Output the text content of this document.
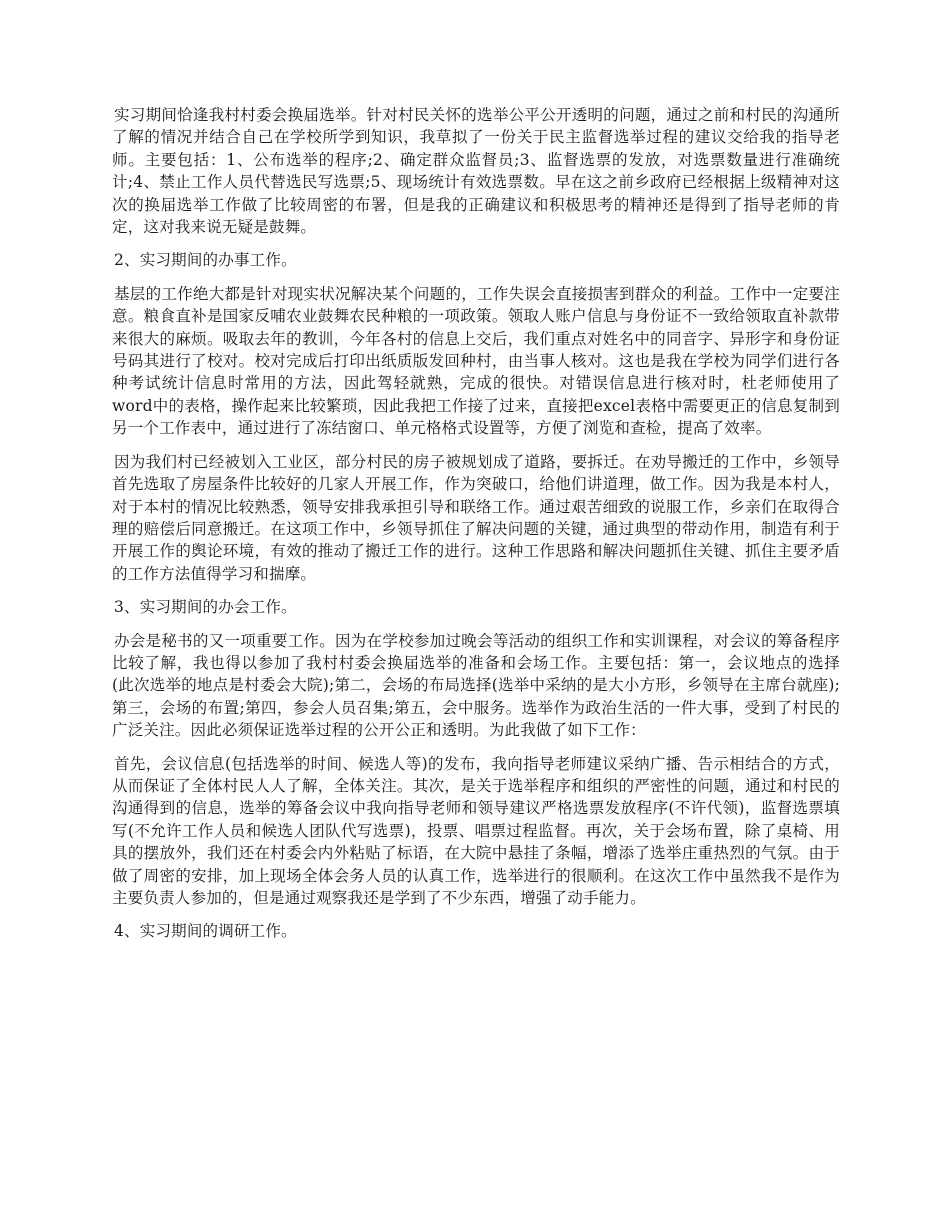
实习期间恰逢我村村委会换届选举。针对村民关怀的选举公平公开透明的问题，通过之前和村民的沟通所了解的情况并结合自己在学校所学到知识，我草拟了一份关于民主监督选举过程的建议交给我的指导老师。主要包括：1、公布选举的程序;2、确定群众监督员;3、监督选票的发放，对选票数量进行准确统计;4、禁止工作人员代替选民写选票;5、现场统计有效选票数。早在这之前乡政府已经根据上级精神对这次的换届选举工作做了比较周密的布署，但是我的正确建议和积极思考的精神还是得到了指导老师的肯定，这对我来说无疑是鼓舞。

2、实习期间的办事工作。

基层的工作绝大都是针对现实状况解决某个问题的，工作失误会直接损害到群众的利益。工作中一定要注意。粮食直补是国家反哺农业鼓舞农民种粮的一项政策。领取人账户信息与身份证不一致给领取直补款带来很大的麻烦。吸取去年的教训，今年各村的信息上交后，我们重点对姓名中的同音字、异形字和身份证号码其进行了校对。校对完成后打印出纸质版发回种村，由当事人核对。这也是我在学校为同学们进行各种考试统计信息时常用的方法，因此驾轻就熟，完成的很快。对错误信息进行核对时，杜老师使用了word中的表格，操作起来比较繁琐，因此我把工作接了过来，直接把excel表格中需要更正的信息复制到另一个工作表中，通过进行了冻结窗口、单元格格式设置等，方便了浏览和查检，提高了效率。

因为我们村已经被划入工业区，部分村民的房子被规划成了道路，要拆迁。在劝导搬迁的工作中，乡领导首先选取了房屋条件比较好的几家人开展工作，作为突破口，给他们讲道理，做工作。因为我是本村人，对于本村的情况比较熟悉，领导安排我承担引导和联络工作。通过艰苦细致的说服工作，乡亲们在取得合理的赔偿后同意搬迁。在这项工作中，乡领导抓住了解决问题的关键，通过典型的带动作用，制造有利于开展工作的舆论环境，有效的推动了搬迁工作的进行。这种工作思路和解决问题抓住关键、抓住主要矛盾的工作方法值得学习和揣摩。

3、实习期间的办会工作。

办会是秘书的又一项重要工作。因为在学校参加过晚会等活动的组织工作和实训课程，对会议的筹备程序比较了解，我也得以参加了我村村委会换届选举的准备和会场工作。主要包括：第一，会议地点的选择(此次选举的地点是村委会大院);第二，会场的布局选择(选举中采纳的是大小方形，乡领导在主席台就座);第三，会场的布置;第四，参会人员召集;第五，会中服务。选举作为政治生活的一件大事，受到了村民的广泛关注。因此必须保证选举过程的公开公正和透明。为此我做了如下工作：

首先，会议信息(包括选举的时间、候选人等)的发布，我向指导老师建议采纳广播、告示相结合的方式，从而保证了全体村民人人了解，全体关注。其次，是关于选举程序和组织的严密性的问题，通过和村民的沟通得到的信息，选举的筹备会议中我向指导老师和领导建议严格选票发放程序(不许代领)，监督选票填写(不允许工作人员和候选人团队代写选票)，投票、唱票过程监督。再次，关于会场布置，除了桌椅、用具的摆放外，我们还在村委会内外粘贴了标语，在大院中悬挂了条幅，增添了选举庄重热烈的气氛。由于做了周密的安排，加上现场全体会务人员的认真工作，选举进行的很顺利。在这次工作中虽然我不是作为主要负责人参加的，但是通过观察我还是学到了不少东西，增强了动手能力。

4、实习期间的调研工作。
